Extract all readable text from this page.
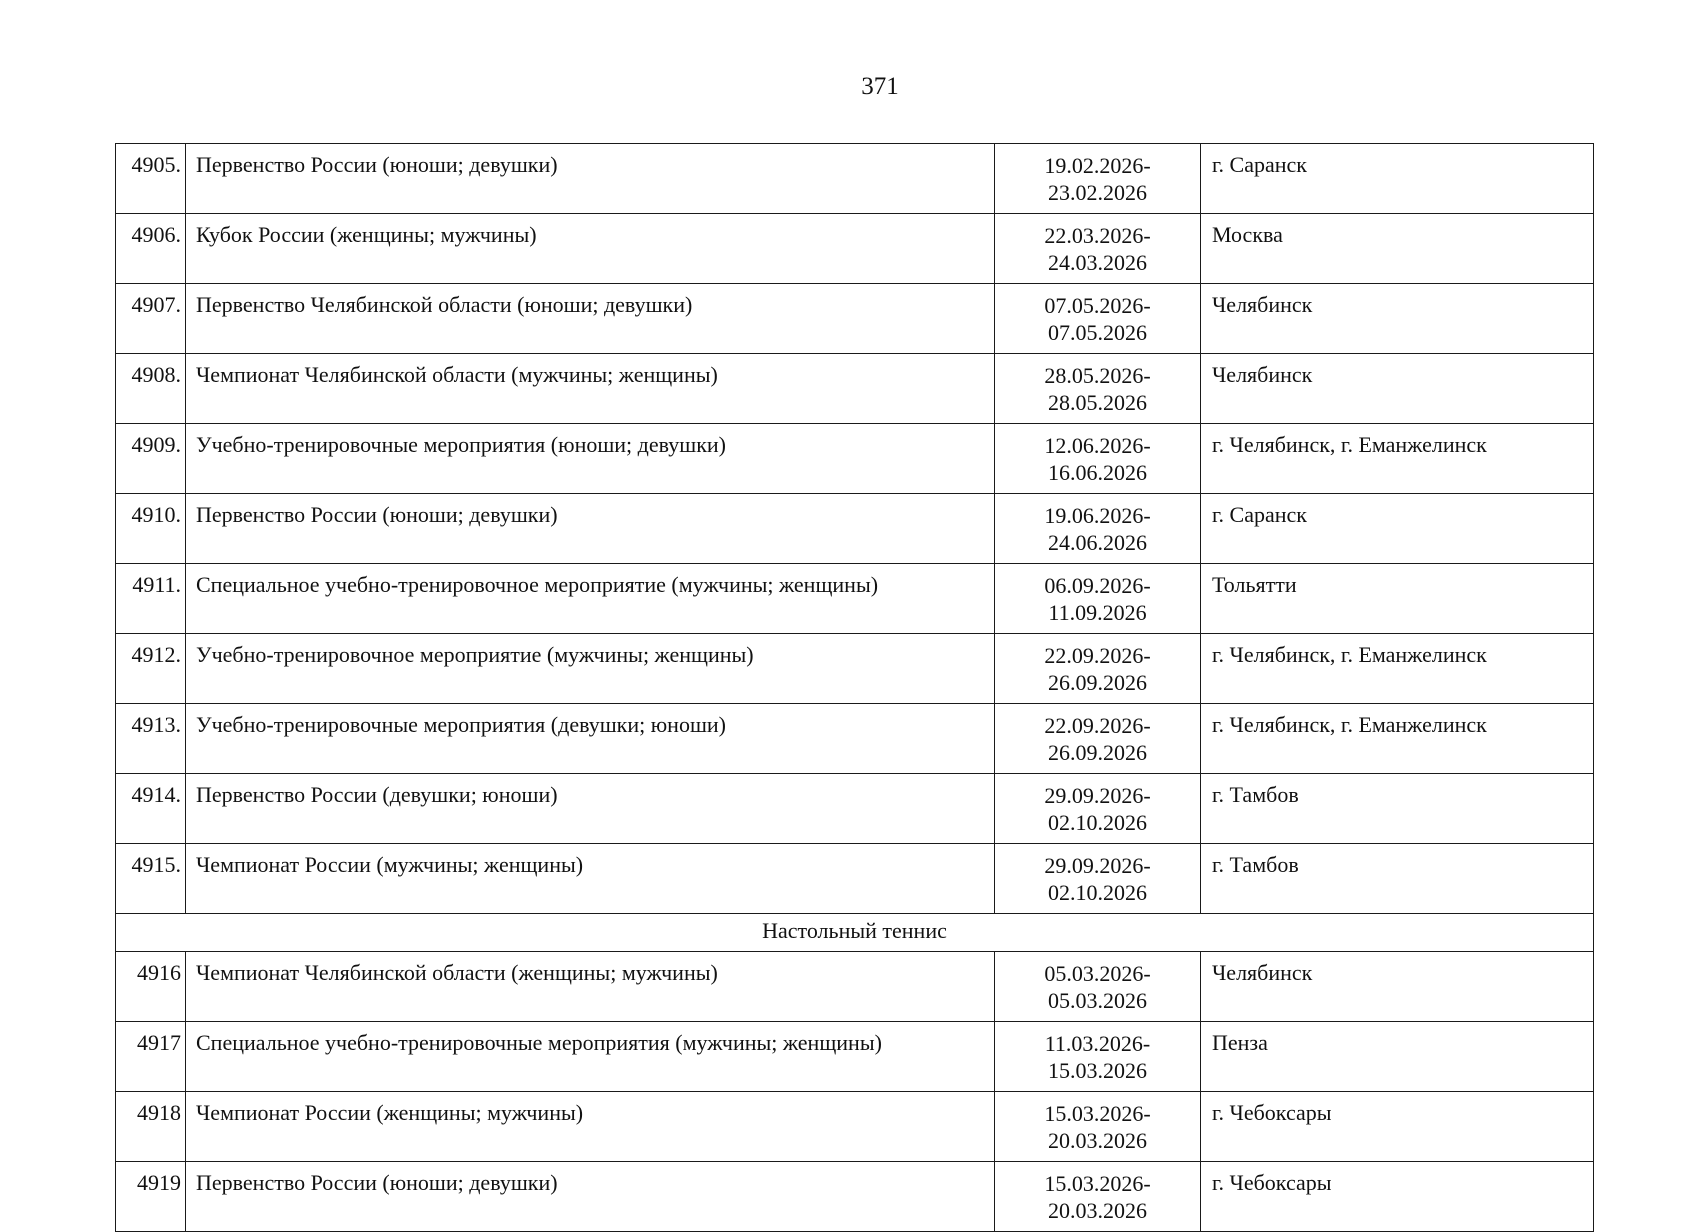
371
4905.	Первенство России (юноши; девушки)	19.02.2026-
23.02.2026	г. Саранск
4906.	Кубок России (женщины; мужчины)	22.03.2026-
24.03.2026	Москва
4907.	Первенство Челябинской области (юноши; девушки)	07.05.2026-
07.05.2026	Челябинск
4908.	Чемпионат Челябинской области (мужчины; женщины)	28.05.2026-
28.05.2026	Челябинск
4909.	Учебно-тренировочные мероприятия (юноши; девушки)	12.06.2026-
16.06.2026	г. Челябинск, г. Еманжелинск
4910.	Первенство России (юноши; девушки)	19.06.2026-
24.06.2026	г. Саранск
4911.	Специальное учебно-тренировочное мероприятие (мужчины; женщины)	06.09.2026-
11.09.2026	Тольятти
4912.	Учебно-тренировочное мероприятие (мужчины; женщины)	22.09.2026-
26.09.2026	г. Челябинск, г. Еманжелинск
4913.	Учебно-тренировочные мероприятия (девушки; юноши)	22.09.2026-
26.09.2026	г. Челябинск, г. Еманжелинск
4914.	Первенство России (девушки; юноши)	29.09.2026-
02.10.2026	г. Тамбов
4915.	Чемпионат России (мужчины; женщины)	29.09.2026-
02.10.2026	г. Тамбов
Настольный теннис			
4916	Чемпионат Челябинской области (женщины; мужчины)	05.03.2026-
05.03.2026	Челябинск
4917	Специальное учебно-тренировочные мероприятия (мужчины; женщины)	11.03.2026-
15.03.2026	Пенза
4918	Чемпионат России (женщины; мужчины)	15.03.2026-
20.03.2026	г. Чебоксары
4919	Первенство России (юноши; девушки)	15.03.2026-
20.03.2026	г. Чебоксары
